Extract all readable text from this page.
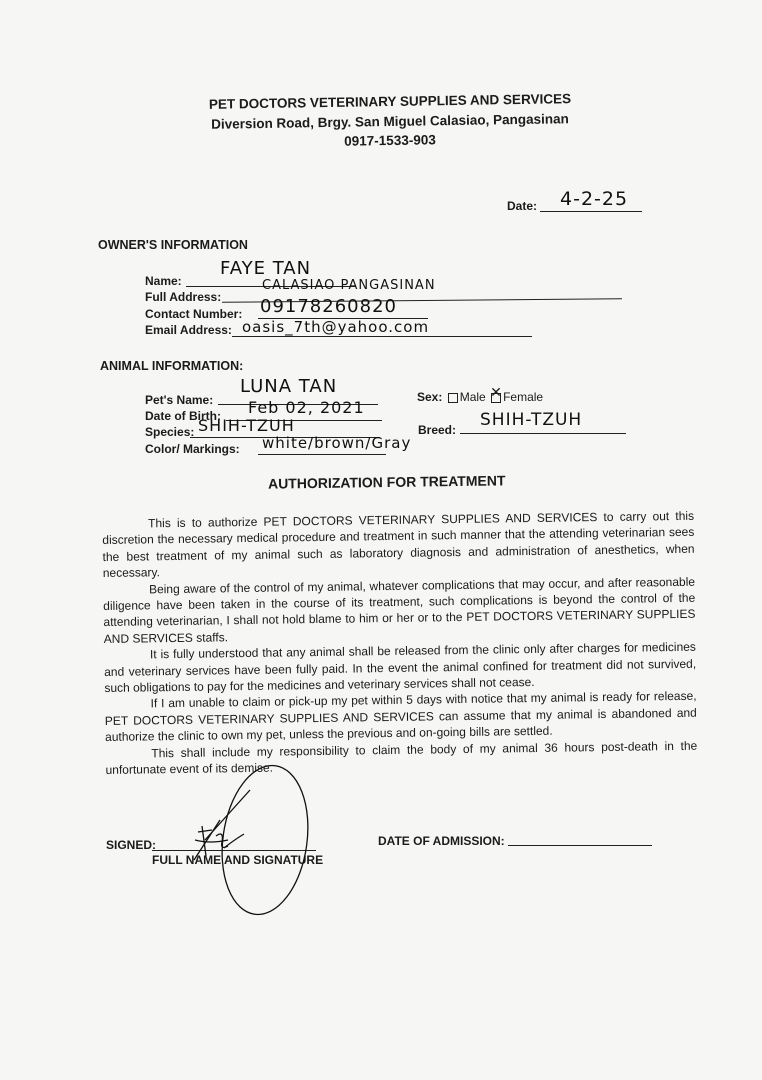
PET DOCTORS VETERINARY SUPPLIES AND SERVICES
Diversion Road, Brgy. San Miguel Calasiao, Pangasinan
0917-1533-903
Date: 4-2-25
OWNER'S INFORMATION
Name:
FAYE TAN
Full Address:
CALASIAO PANGASINAN
Contact Number: 09178260820
Email Address: oasis_7th@yahoo.com
ANIMAL INFORMATION:
Pet's Name:
LUNA TAN	Sex: Male ✕ Female
Date of Birth: Feb 02, 2021
Species: SHIH-TZUH	Breed: SHIH-TZUH
Color/ Markings: white/brown/Gray
AUTHORIZATION FOR TREATMENT

This is to authorize PET DOCTORS VETERINARY SUPPLIES AND SERVICES to carry out this discretion the necessary medical procedure and treatment in such manner that the attending veterinarian sees the best treatment of my animal such as laboratory diagnosis and administration of anesthetics, when necessary.

Being aware of the control of my animal, whatever complications that may occur, and after reasonable diligence have been taken in the course of its treatment, such complications is beyond the control of the attending veterinarian, I shall not hold blame to him or her or to the PET DOCTORS VETERINARY SUPPLIES AND SERVICES staffs.

It is fully understood that any animal shall be released from the clinic only after charges for medicines and veterinary services have been fully paid. In the event the animal confined for treatment did not survived, such obligations to pay for the medicines and veterinary services shall not cease.

If I am unable to claim or pick-up my pet within 5 days with notice that my animal is ready for release, PET DOCTORS VETERINARY SUPPLIES AND SERVICES can assume that my animal is abandoned and authorize the clinic to own my pet, unless the previous and on-going bills are settled.

This shall include my responsibility to claim the body of my animal 36 hours post-death in the unfortunate event of its demise.

SIGNED:
FULL NAME AND SIGNATURE
DATE OF ADMISSION:
